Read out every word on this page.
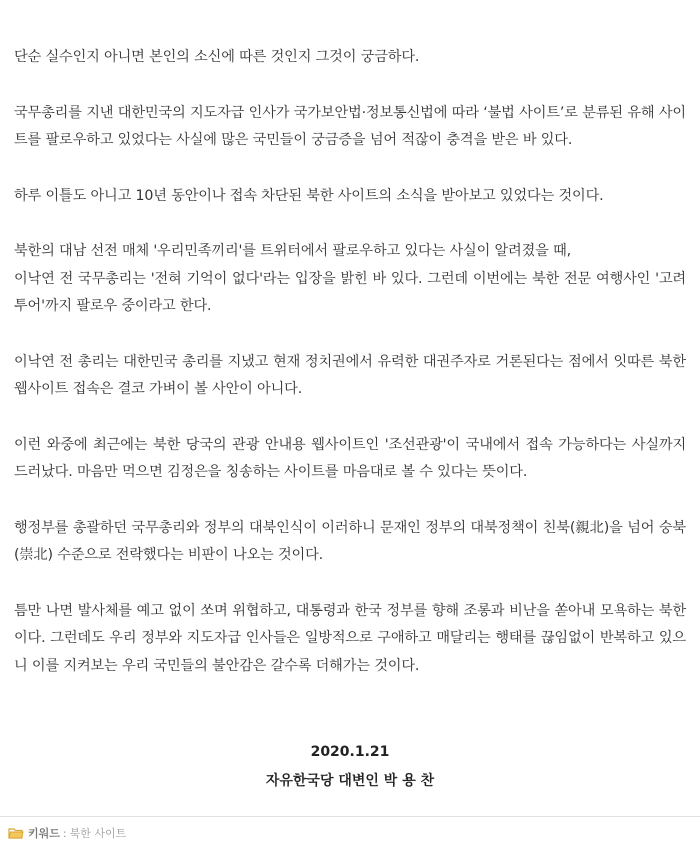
단순 실수인지 아니면 본인의 소신에 따른 것인지 그것이 궁금하다.

국무총리를 지낸 대한민국의 지도자급 인사가 국가보안법·정보통신법에 따라 ‘불법 사이트’로 분류된 유해 사이트를 팔로우하고 있었다는 사실에 많은 국민들이 궁금증을 넘어 적잖이 충격을 받은 바 있다.

하루 이틀도 아니고 10년 동안이나 접속 차단된 북한 사이트의 소식을 받아보고 있었다는 것이다.

북한의 대남 선전 매체 '우리민족끼리'를 트위터에서 팔로우하고 있다는 사실이 알려졌을 때,
이낙연 전 국무총리는 '전혀 기억이 없다'라는 입장을 밝힌 바 있다. 그런데 이번에는 북한 전문 여행사인 '고려투어'까지 팔로우 중이라고 한다.

이낙연 전 총리는 대한민국 총리를 지냈고 현재 정치권에서 유력한 대권주자로 거론된다는 점에서 잇따른 북한 웹사이트 접속은 결코 가벼이 볼 사안이 아니다.

이런 와중에 최근에는 북한 당국의 관광 안내용 웹사이트인 '조선관광'이 국내에서 접속 가능하다는 사실까지 드러났다. 마음만 먹으면 김정은을 칭송하는 사이트를 마음대로 볼 수 있다는 뜻이다.

행정부를 총괄하던 국무총리와 정부의 대북인식이 이러하니 문재인 정부의 대북정책이 친북(親北)을 넘어 숭북(崇北) 수준으로 전락했다는 비판이 나오는 것이다.

틈만 나면 발사체를 예고 없이 쏘며 위협하고, 대통령과 한국 정부를 향해 조롱과 비난을 쏟아내 모욕하는 북한이다. 그런데도 우리 정부와 지도자급 인사들은 일방적으로 구애하고 매달리는 행태를 끊임없이 반복하고 있으니 이를 지켜보는 우리 국민들의 불안감은 갈수록 더해가는 것이다.

2020.1.21
자유한국당 대변인 박 용 찬
키워드 : 북한 사이트
